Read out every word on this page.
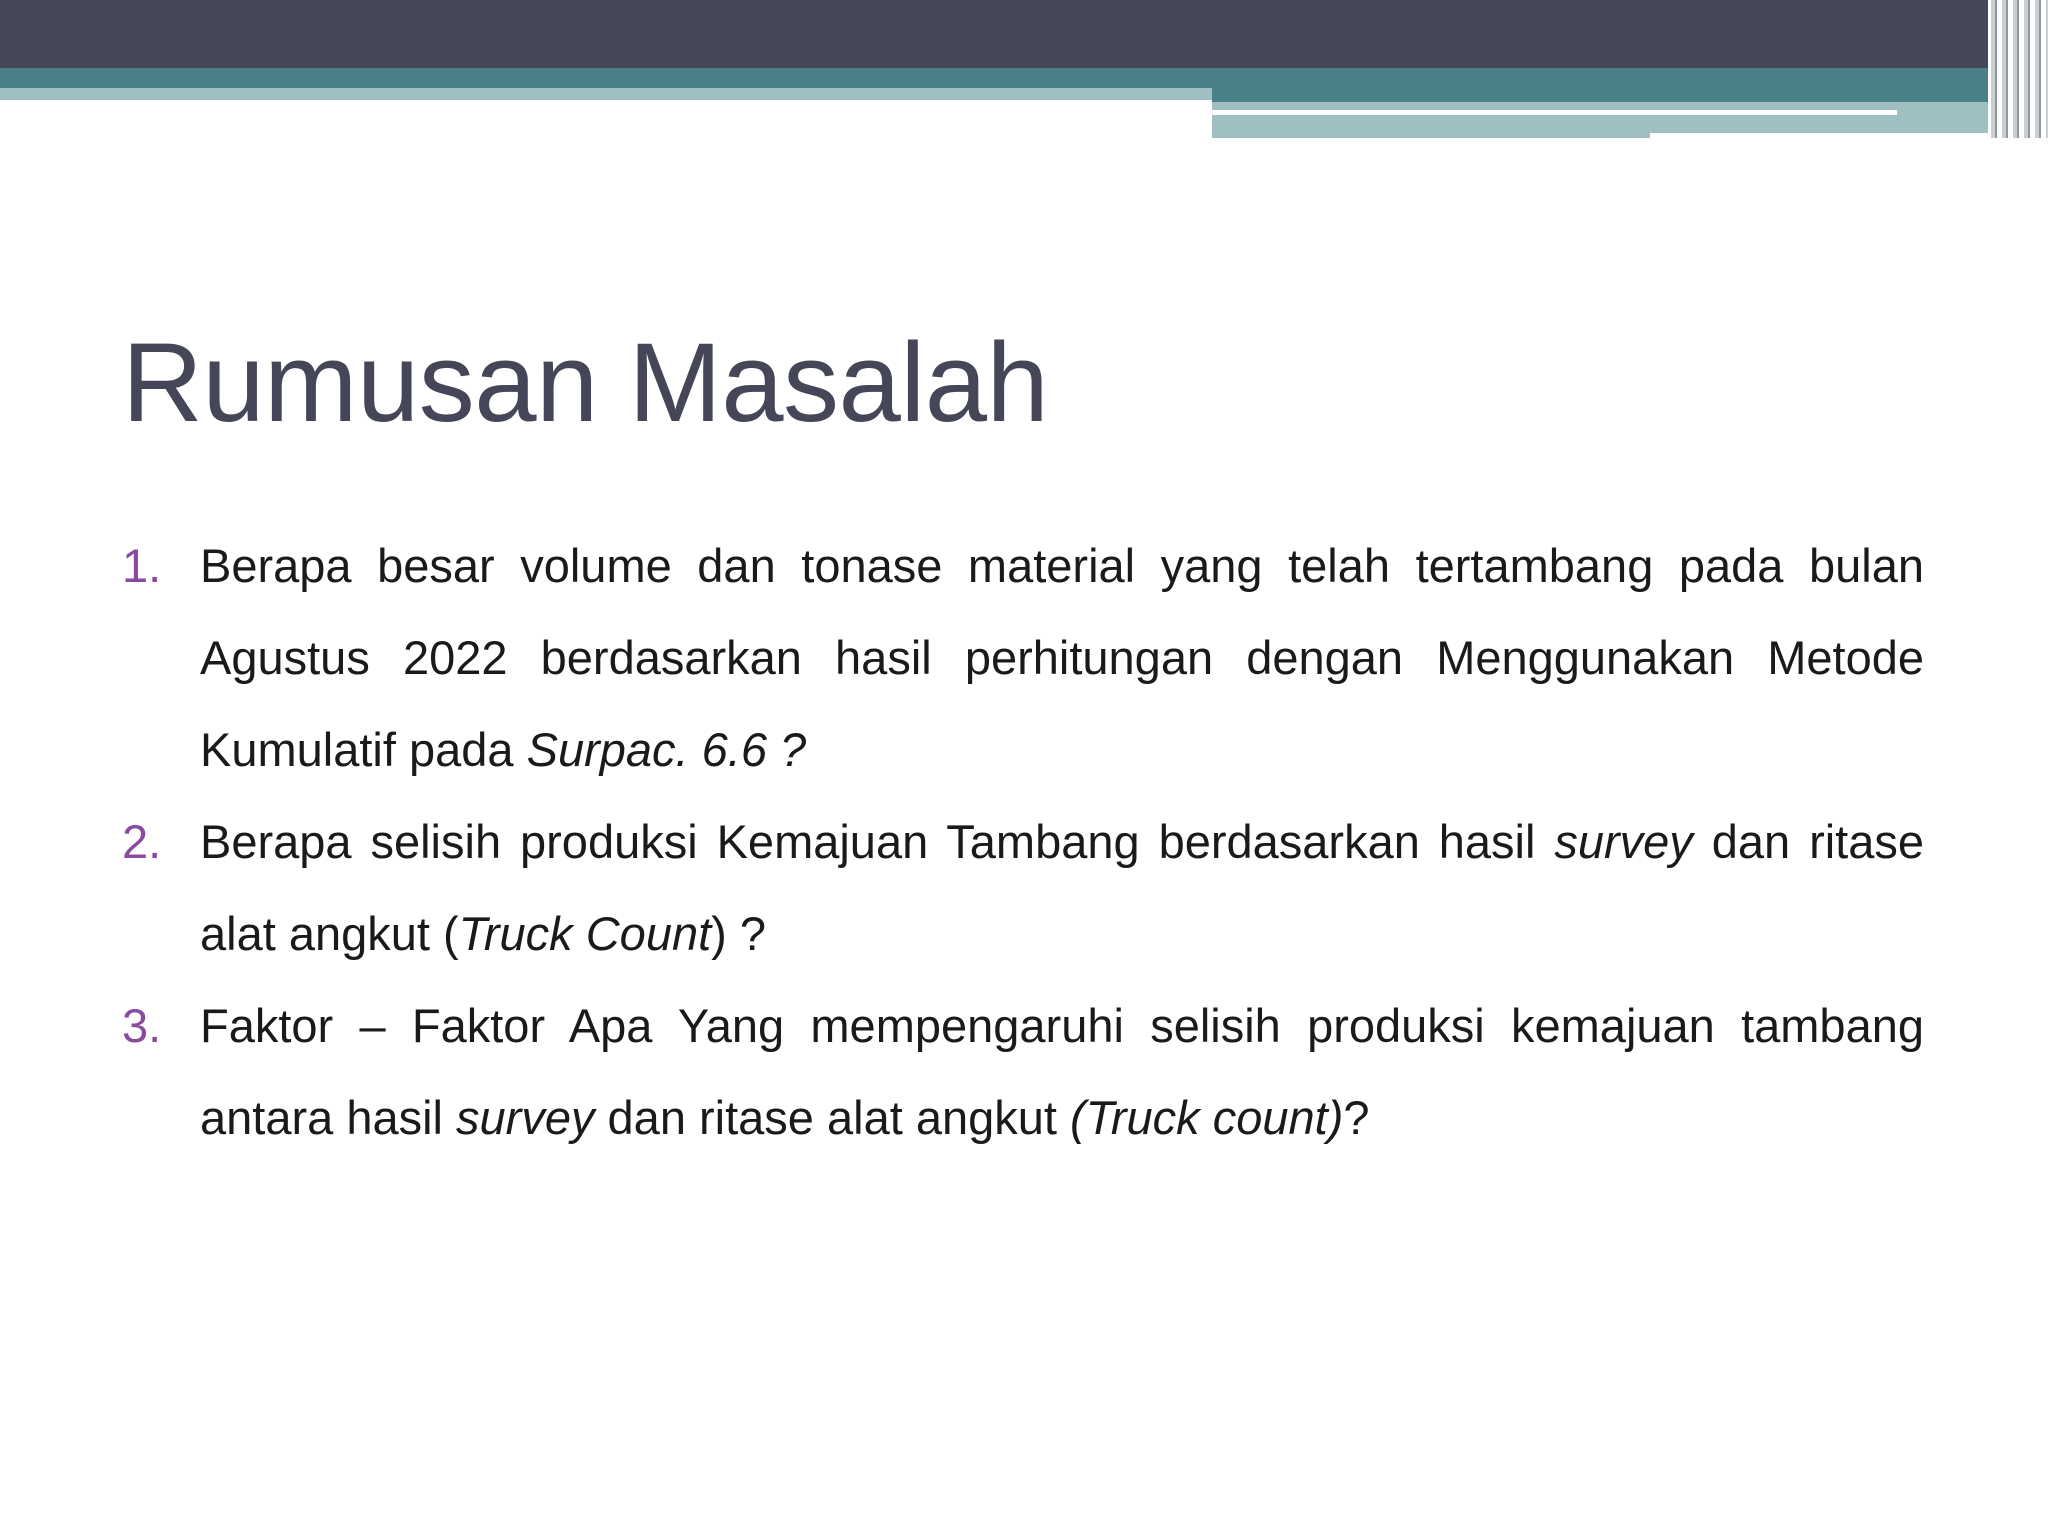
Rumusan Masalah
1. Berapa besar volume dan tonase material yang telah tertambang pada bulan Agustus 2022 berdasarkan hasil perhitungan dengan Menggunakan Metode Kumulatif pada Surpac. 6.6 ?
2. Berapa selisih produksi Kemajuan Tambang berdasarkan hasil survey dan ritase alat angkut (Truck Count) ?
3. Faktor – Faktor Apa Yang mempengaruhi selisih produksi kemajuan tambang antara hasil survey dan ritase alat angkut (Truck count)?
